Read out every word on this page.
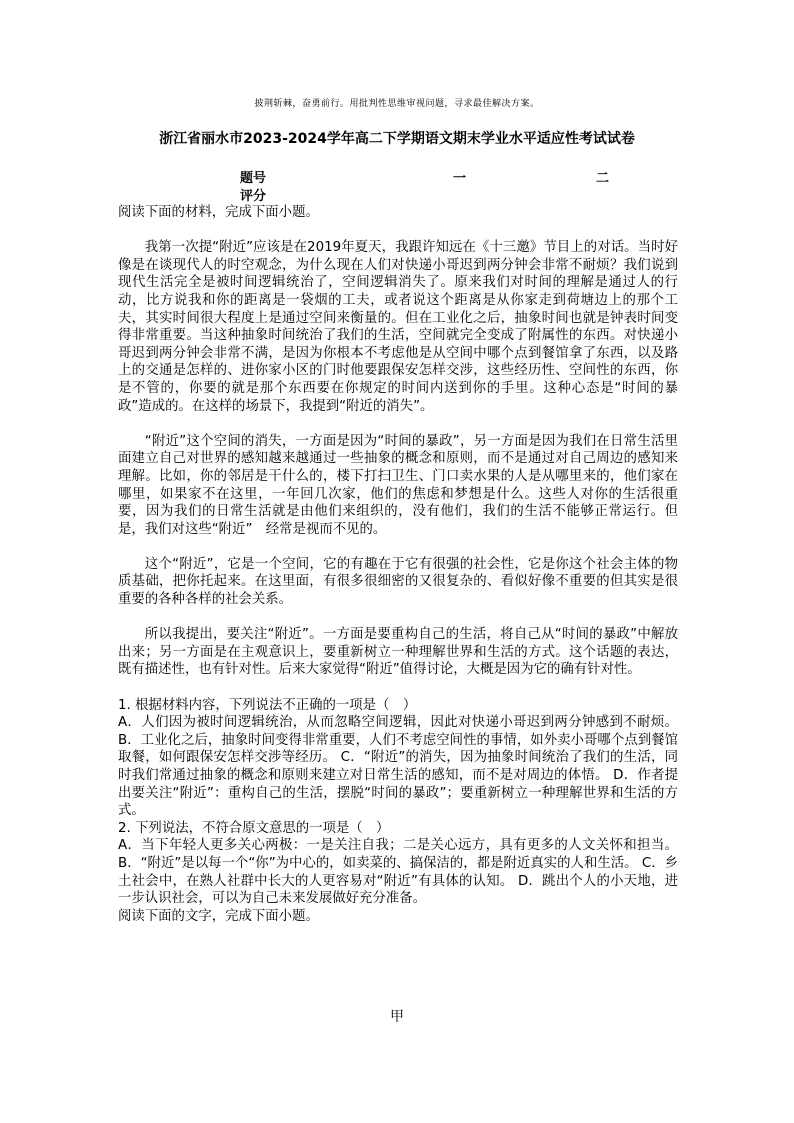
披荆斩棘，奋勇前行。用批判性思维审视问题，寻求最佳解决方案。
浙江省丽水市2023-2024学年高二下学期语文期末学业水平适应性考试试卷
题号	一	二
评分

阅读下面的材料，完成下面小题。

我第一次提“附近”应该是在2019年夏天，我跟许知远在《十三邀》节目上的对话。当时好像是在谈现代人的时空观念，为什么现在人们对快递小哥迟到两分钟会非常不耐烦？我们说到现代生活完全是被时间逻辑统治了，空间逻辑消失了。原来我们对时间的理解是通过人的行动，比方说我和你的距离是一袋烟的工夫，或者说这个距离是从你家走到荷塘边上的那个工夫，其实时间很大程度上是通过空间来衡量的。但在工业化之后，抽象时间也就是钟表时间变得非常重要。当这种抽象时间统治了我们的生活，空间就完全变成了附属性的东西。对快递小哥迟到两分钟会非常不满，是因为你根本不考虑他是从空间中哪个点到餐馆拿了东西，以及路上的交通是怎样的、进你家小区的门时他要跟保安怎样交涉，这些经历性、空间性的东西，你是不管的，你要的就是那个东西要在你规定的时间内送到你的手里。这种心态是“时间的暴政”造成的。在这样的场景下，我提到“附近的消失”。

“附近”这个空间的消失，一方面是因为“时间的暴政”，另一方面是因为我们在日常生活里面建立自己对世界的感知越来越通过一些抽象的概念和原则，而不是通过对自己周边的感知来理解。比如，你的邻居是干什么的，楼下打扫卫生、门口卖水果的人是从哪里来的，他们家在哪里，如果家不在这里，一年回几次家，他们的焦虑和梦想是什么。这些人对你的生活很重要，因为我们的日常生活就是由他们来组织的，没有他们，我们的生活不能够正常运行。但是，我们对这些“附近”　经常是视而不见的。

这个“附近”，它是一个空间，它的有趣在于它有很强的社会性，它是你这个社会主体的物质基础，把你托起来。在这里面，有很多很细密的又很复杂的、看似好像不重要的但其实是很重要的各种各样的社会关系。

所以我提出，要关注“附近”。一方面是要重构自己的生活，将自己从“时间的暴政”中解放出来；另一方面是在主观意识上，要重新树立一种理解世界和生活的方式。这个话题的表达，既有描述性，也有针对性。后来大家觉得“附近”值得讨论，大概是因为它的确有针对性。

1. 根据材料内容，下列说法不正确的一项是（　）

A．人们因为被时间逻辑统治，从而忽略空间逻辑，因此对快递小哥迟到两分钟感到不耐烦。 B．工业化之后，抽象时间变得非常重要，人们不考虑空间性的事情，如外卖小哥哪个点到餐馆取餐，如何跟保安怎样交涉等经历。 C．“附近”的消失，因为抽象时间统治了我们的生活，同时我们常通过抽象的概念和原则来建立对日常生活的感知，而不是对周边的体悟。 D．作者提出要关注“附近”：重构自己的生活，摆脱“时间的暴政”；要重新树立一种理解世界和生活的方式。

2. 下列说法，不符合原文意思的一项是（　）

A．当下年轻人更多关心两极：一是关注自我；二是关心远方，具有更多的人文关怀和担当。 B．“附近”是以每一个“你”为中心的，如卖菜的、搞保洁的，都是附近真实的人和生活。 C．乡土社会中，在熟人社群中长大的人更容易对“附近”有具体的认知。 D．跳出个人的小天地，进一步认识社会，可以为自己未来发展做好充分准备。

阅读下面的文字，完成下面小题。

甲
